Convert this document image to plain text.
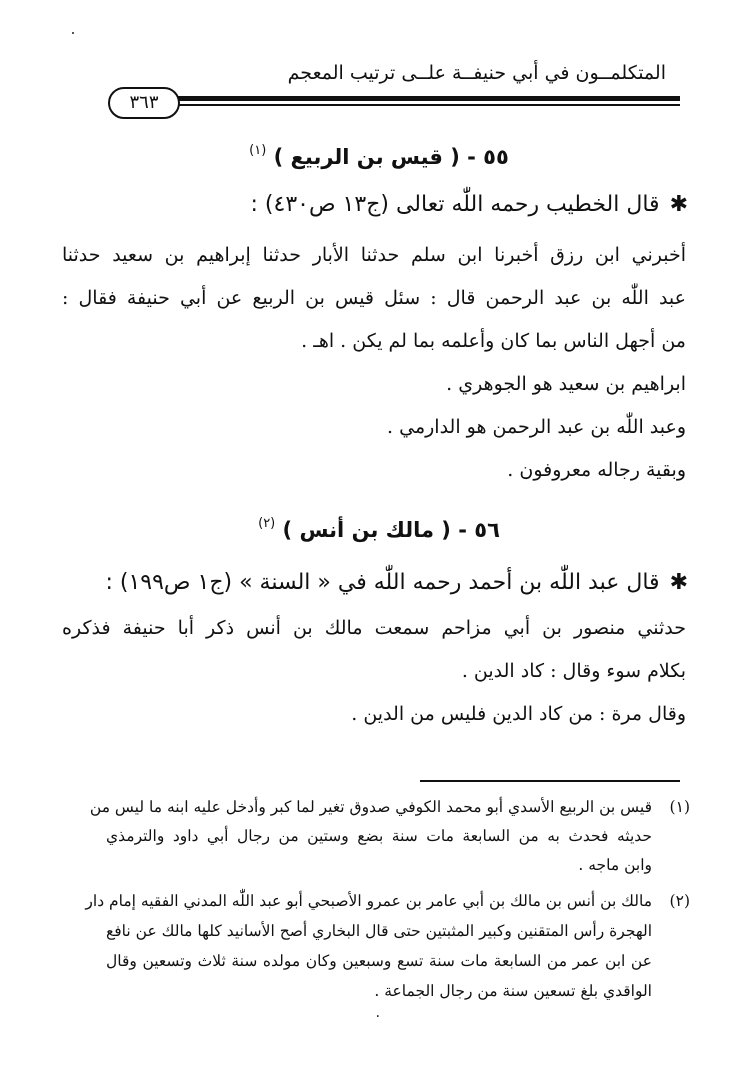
المتكلمــون في أبي حنيفــة علــى ترتيب المعجم
٣٦٣
٥٥ - ( قيس بن الربيع ) $^{(١)}$
✱قال الخطيب رحمه اللّٰه تعالى (ج١٣ ص٤٣٠) :
أخبرني ابن رزق أخبرنا ابن سلم حدثنا الأبار حدثنا إبراهيم بن سعيد حدثنا
عبد اللّٰه بن عبد الرحمن قال : سئل قيس بن الربيع عن أبي حنيفة فقال :
من أجهل الناس بما كان وأعلمه بما لم يكن . اهـ .
ابراهيم بن سعيد هو الجوهري .
وعبد اللّٰه بن عبد الرحمن هو الدارمي .
وبقية رجاله معروفون .
٥٦ - ( مالك بن أنس ) $^{(٢)}$
✱قال عبد اللّٰه بن أحمد رحمه اللّٰه في « السنة » (ج١ ص١٩٩) :
حدثني منصور بن أبي مزاحم سمعت مالك بن أنس ذكر أبا حنيفة فذكره
بكلام سوء وقال : كاد الدين .
وقال مرة : من كاد الدين فليس من الدين .
(١)
قيس بن الربيع الأسدي أبو محمد الكوفي صدوق تغير لما كبر وأدخل عليه ابنه ما ليس من
حديثه فحدث به من السابعة مات سنة بضع وستين من رجال أبي داود والترمذي
وابن ماجه .
(٢)
مالك بن أنس بن مالك بن أبي عامر بن عمرو الأصبحي أبو عبد اللّٰه المدني الفقيه إمام دار
الهجرة رأس المتقنين وكبير المثبتين حتى قال البخاري أصح الأسانيد كلها مالك عن نافع
عن ابن عمر من السابعة مات سنة تسع وسبعين وكان مولده سنة ثلاث وتسعين وقال
الواقدي بلغ تسعين سنة من رجال الجماعة .
٠
